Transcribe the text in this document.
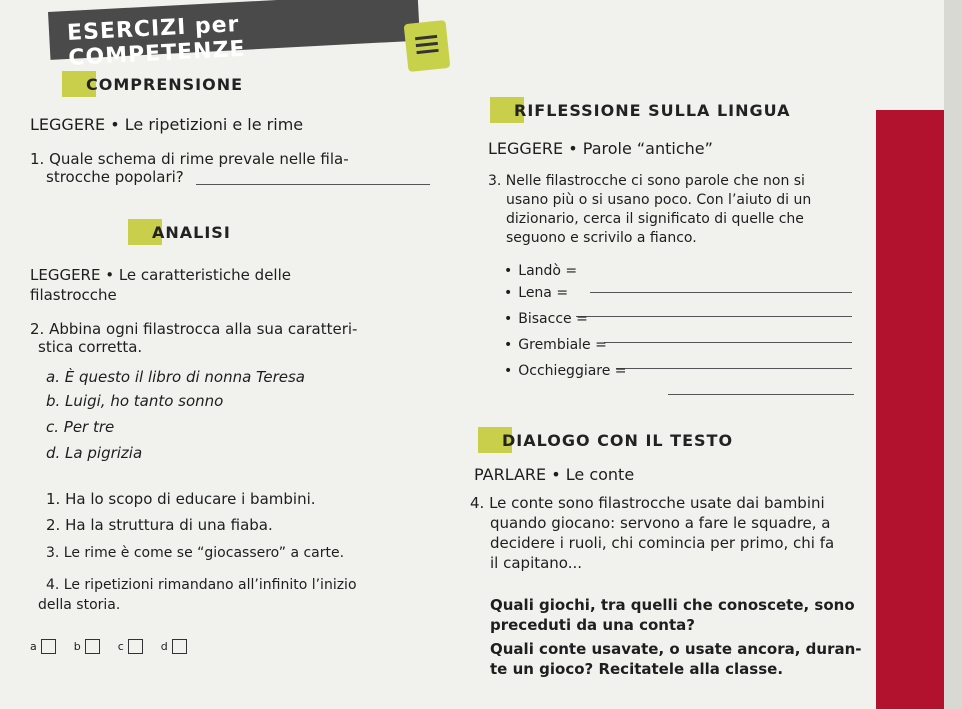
ESERCIZI per COMPETENZE
COMPRENSIONE
LEGGERE • Le ripetizioni e le rime
1. Quale schema di rime prevale nelle fila-
strocche popolari?
ANALISI
LEGGERE • Le caratteristiche delle
filastrocche
2. Abbina ogni filastrocca alla sua caratteri-
stica corretta.
a. È questo il libro di nonna Teresa
b. Luigi, ho tanto sonno
c. Per tre
d. La pigrizia
1. Ha lo scopo di educare i bambini.
2. Ha la struttura di una fiaba.
3. Le rime è come se “giocassero” a carte.
4. Le ripetizioni rimandano all’infinito l’inizio
della storia.
a	b	c	d
RIFLESSIONE SULLA LINGUA
LEGGERE • Parole “antiche”
3. Nelle filastrocche ci sono parole che non si
usano più o si usano poco. Con l’aiuto di un
dizionario, cerca il significato di quelle che
seguono e scrivilo a fianco.
• Landò =
• Lena =
• Bisacce =
• Grembiale =
• Occhieggiare =
DIALOGO CON IL TESTO
PARLARE • Le conte
4. Le conte sono filastrocche usate dai bambini
quando giocano: servono a fare le squadre, a
decidere i ruoli, chi comincia per primo, chi fa
il capitano...
Quali giochi, tra quelli che conoscete, sono
preceduti da una conta?
Quali conte usavate, o usate ancora, duran-
te un gioco? Recitatele alla classe.
